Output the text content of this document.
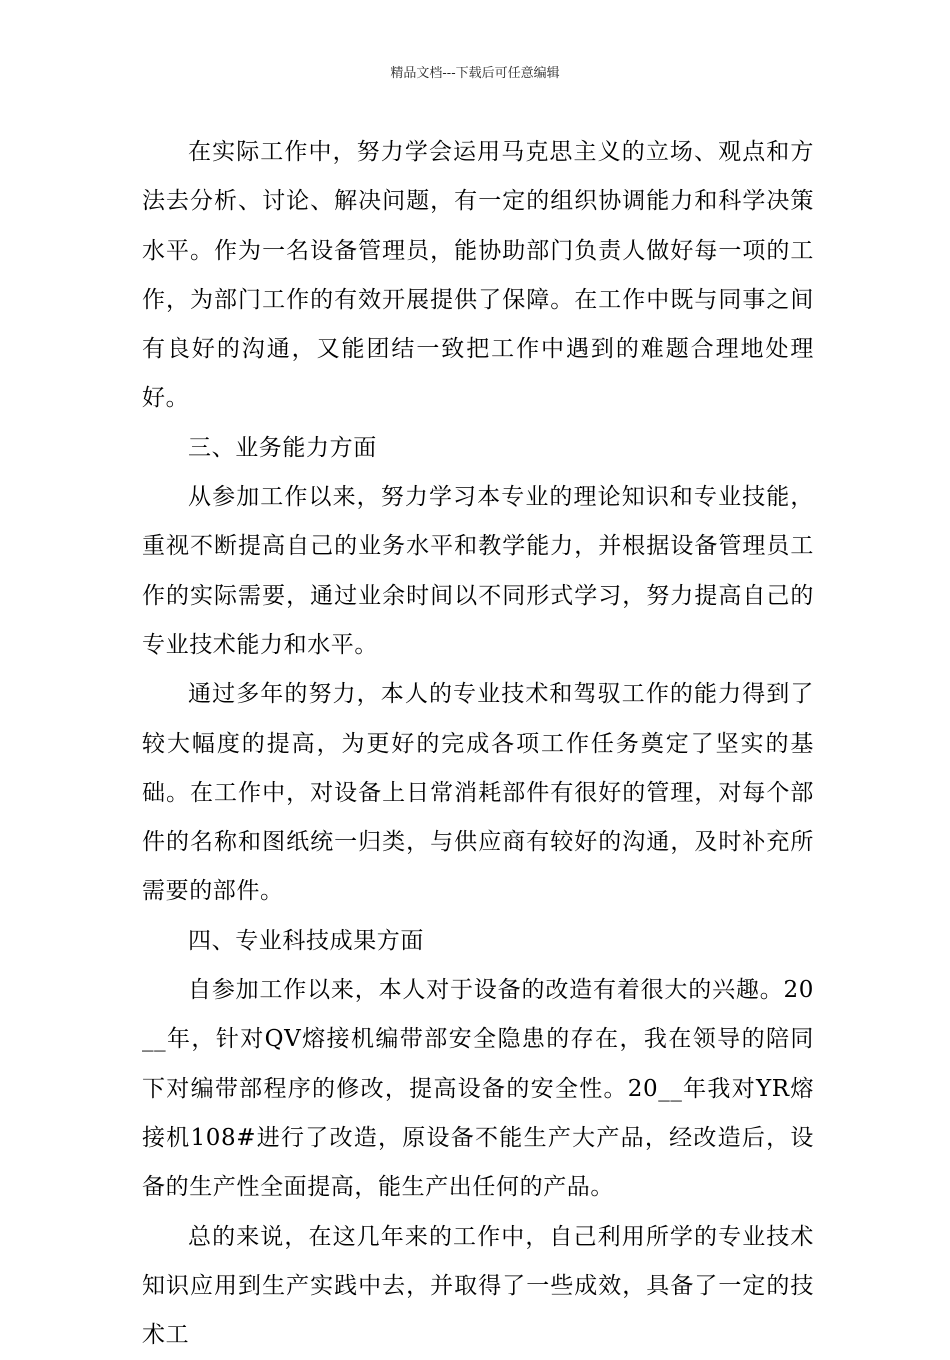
精品文档---下载后可任意编辑

在实际工作中，努力学会运用马克思主义的立场、观点和方法去分析、讨论、解决问题，有一定的组织协调能力和科学决策水平。作为一名设备管理员，能协助部门负责人做好每一项的工作，为部门工作的有效开展提供了保障。在工作中既与同事之间有良好的沟通，又能团结一致把工作中遇到的难题合理地处理好。

三、业务能力方面

从参加工作以来，努力学习本专业的理论知识和专业技能，重视不断提高自己的业务水平和教学能力，并根据设备管理员工作的实际需要，通过业余时间以不同形式学习，努力提高自己的专业技术能力和水平。

通过多年的努力，本人的专业技术和驾驭工作的能力得到了较大幅度的提高，为更好的完成各项工作任务奠定了坚实的基础。在工作中，对设备上日常消耗部件有很好的管理，对每个部件的名称和图纸统一归类，与供应商有较好的沟通，及时补充所需要的部件。

四、专业科技成果方面

自参加工作以来，本人对于设备的改造有着很大的兴趣。20__年，针对QV熔接机编带部安全隐患的存在，我在领导的陪同下对编带部程序的修改，提高设备的安全性。20__年我对YR熔接机108#进行了改造，原设备不能生产大产品，经改造后，设备的生产性全面提高，能生产出任何的产品。

总的来说，在这几年来的工作中，自己利用所学的专业技术知识应用到生产实践中去，并取得了一些成效，具备了一定的技术工
